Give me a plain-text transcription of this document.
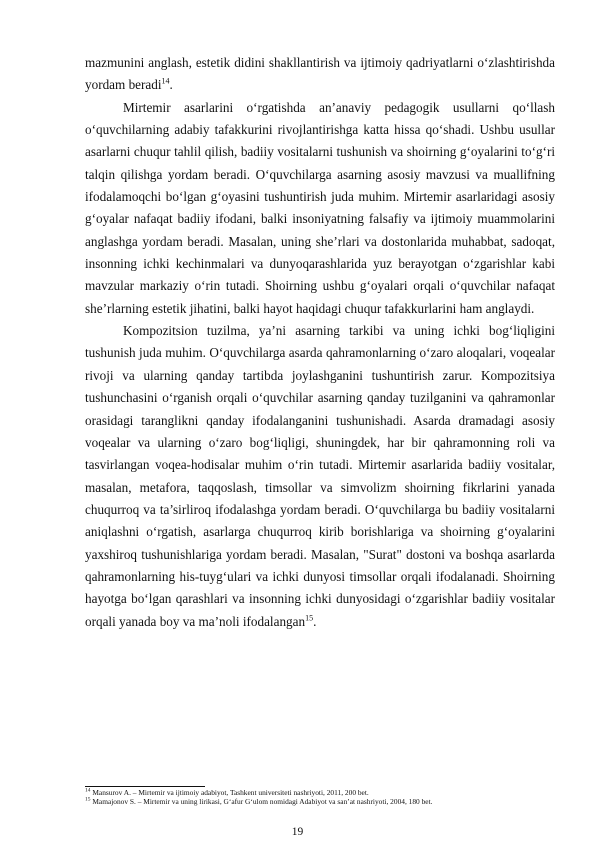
mazmunini anglash, estetik didini shakllantirish va ijtimoiy qadriyatlarni o‘zlashtirishda yordam beradi$^{14}$.

Mirtemir asarlarini o‘rgatishda an’anaviy pedagogik usullarni qo‘llash o‘quvchilarning adabiy tafakkurini rivojlantirishga katta hissa qo‘shadi. Ushbu usullar asarlarni chuqur tahlil qilish, badiiy vositalarni tushunish va shoirning g‘oyalarini to‘g‘ri talqin qilishga yordam beradi. O‘quvchilarga asarning asosiy mavzusi va muallifning ifodalamoqchi bo‘lgan g‘oyasini tushuntirish juda muhim. Mirtemir asarlaridagi asosiy g‘oyalar nafaqat badiiy ifodani, balki insoniyatning falsafiy va ijtimoiy muammolarini anglashga yordam beradi. Masalan, uning she’rlari va dostonlarida muhabbat, sadoqat, insonning ichki kechinmalari va dunyoqarashlarida yuz berayotgan o‘zgarishlar kabi mavzular markaziy o‘rin tutadi. Shoirning ushbu g‘oyalari orqali o‘quvchilar nafaqat she’rlarning estetik jihatini, balki hayot haqidagi chuqur tafakkurlarini ham anglaydi.

Kompozitsion tuzilma, ya’ni asarning tarkibi va uning ichki bog‘liqligini tushunish juda muhim. O‘quvchilarga asarda qahramonlarning o‘zaro aloqalari, voqealar rivoji va ularning qanday tartibda joylashganini tushuntirish zarur. Kompozitsiya tushunchasini o‘rganish orqali o‘quvchilar asarning qanday tuzilganini va qahramonlar orasidagi taranglikni qanday ifodalanganini tushunishadi. Asarda dramadagi asosiy voqealar va ularning o‘zaro bog‘liqligi, shuningdek, har bir qahramonning roli va tasvirlangan voqea-hodisalar muhim o‘rin tutadi. Mirtemir asarlarida badiiy vositalar, masalan, metafora, taqqoslash, timsollar va simvolizm shoirning fikrlarini yanada chuqurroq va ta’sirliroq ifodalashga yordam beradi. O‘quvchilarga bu badiiy vositalarni aniqlashni o‘rgatish, asarlarga chuqurroq kirib borishlariga va shoirning g‘oyalarini yaxshiroq tushunishlariga yordam beradi. Masalan, "Surat" dostoni va boshqa asarlarda qahramonlarning his-tuyg‘ulari va ichki dunyosi timsollar orqali ifodalanadi. Shoirning hayotga bo‘lgan qarashlari va insonning ichki dunyosidagi o‘zgarishlar badiiy vositalar orqali yanada boy va ma’noli ifodalangan$^{15}$.

$^{14}$ Mansurov A. – Mirtemir va ijtimoiy adabiyot, Tashkent universiteti nashriyoti, 2011, 200 bet.

$^{15}$ Mamajonov S. – Mirtemir va uning lirikasi, G‘afur G‘ulom nomidagi Adabiyot va san’at nashriyoti, 2004, 180 bet.

19
